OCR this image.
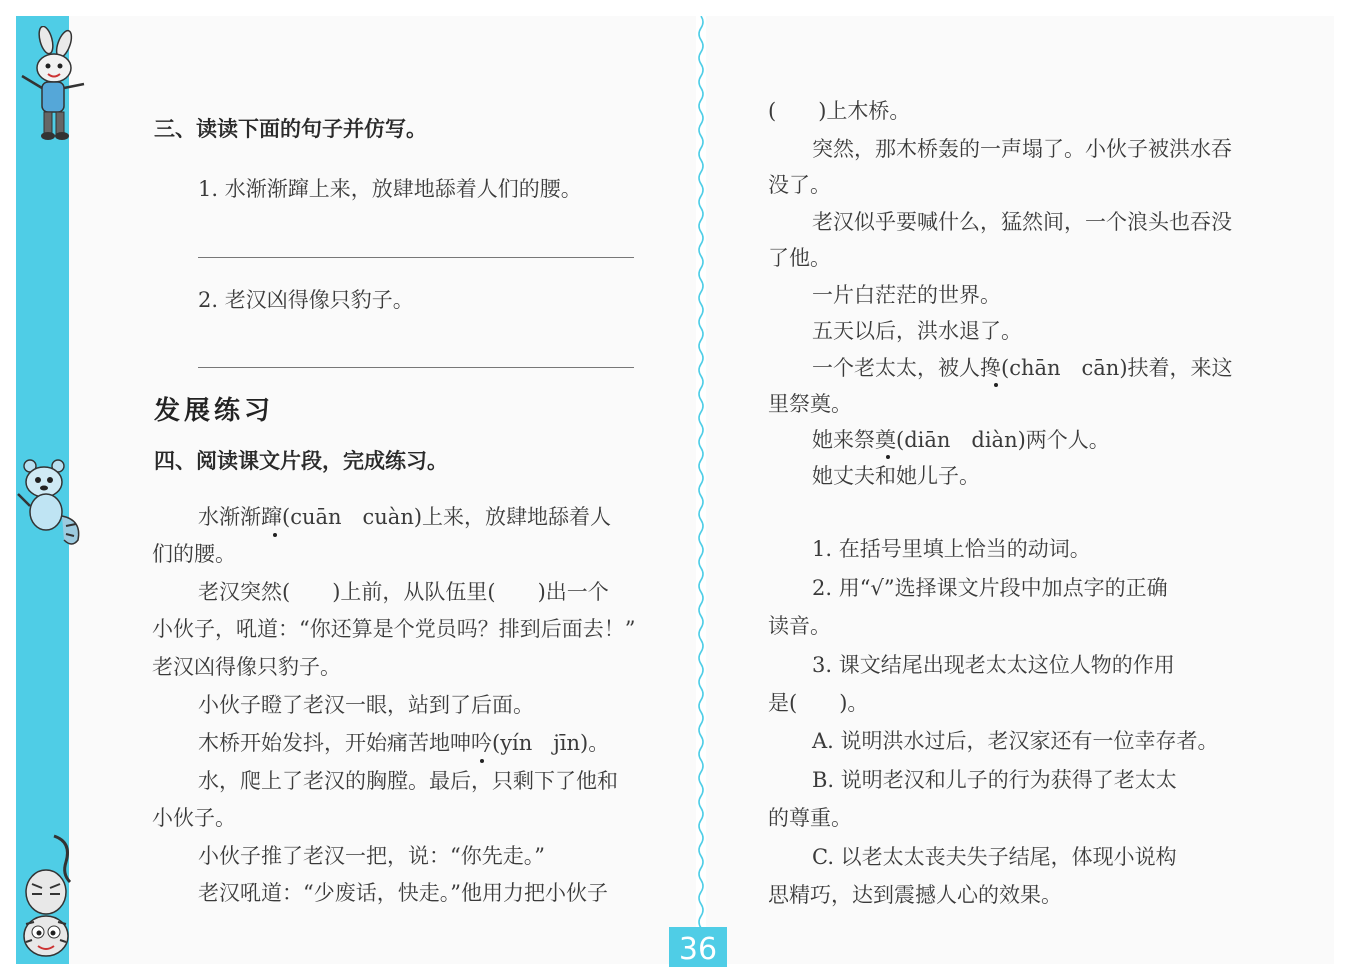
三、读读下面的句子并仿写。
1. 水渐渐蹿上来，放肆地舔着人们的腰。
2. 老汉凶得像只豹子。
发展练习
四、阅读课文片段，完成练习。
水渐渐蹿(cuān　cuàn)上来，放肆地舔着人
们的腰。
老汉突然(　　)上前，从队伍里(　　)出一个
小伙子，吼道：“你还算是个党员吗？排到后面去！”
老汉凶得像只豹子。
小伙子瞪了老汉一眼，站到了后面。
木桥开始发抖，开始痛苦地呻吟(yín　jīn)。
水，爬上了老汉的胸膛。最后，只剩下了他和
小伙子。
小伙子推了老汉一把，说：“你先走。”
老汉吼道：“少废话，快走。”他用力把小伙子
(　　)上木桥。
突然，那木桥轰的一声塌了。小伙子被洪水吞
没了。
老汉似乎要喊什么，猛然间，一个浪头也吞没
了他。
一片白茫茫的世界。
五天以后，洪水退了。
一个老太太，被人搀(chān　cān)扶着，来这
里祭奠。
她来祭奠(diān　diàn)两个人。
她丈夫和她儿子。
1. 在括号里填上恰当的动词。
2. 用“√”选择课文片段中加点字的正确
读音。
3. 课文结尾出现老太太这位人物的作用
是(　　)。
A. 说明洪水过后，老汉家还有一位幸存者。
B. 说明老汉和儿子的行为获得了老太太
的尊重。
C. 以老太太丧夫失子结尾，体现小说构
思精巧，达到震撼人心的效果。
36
